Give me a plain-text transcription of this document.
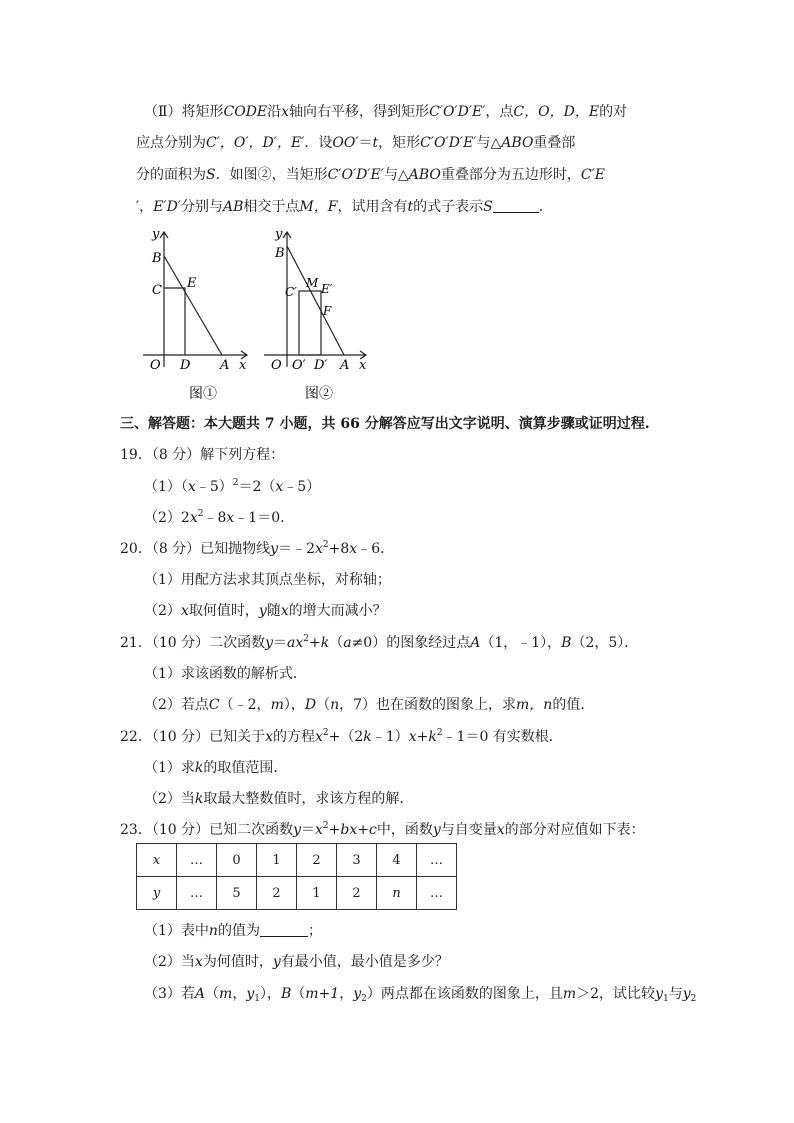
（Ⅱ）将矩形CODE沿x轴向右平移，得到矩形C′O′D′E′，点C，O，D，E的对
应点分别为C′，O′，D′，E′．设OO′＝t，矩形C′O′D′E′与△ABO重叠部
分的面积为S．如图②，当矩形C′O′D′E′与△ABO重叠部分为五边形时，C′E
′，E′D′分别与AB相交于点M，F，试用含有t的式子表示S	．
y
B
C E
O D A x
图①
y
B
C′
M E′
F
O O′ D′ A x
图②
三、解答题：本大题共 7 小题，共 66 分解答应写出文字说明、演算步骤或证明过程.
19．（8 分）解下列方程：
（1）（x﹣5）$^2$＝2（x﹣5）
$(2)2x^2﹣8x﹣1=0$.
20．（8 分）已知抛物线$y=﹣2x^2+8x﹣6$．
（1）用配方法求其顶点坐标，对称轴；
（2）x取何值时，y随x的增大而减小？
21．（10 分）二次函数$y=ax^2+k(a\ne 0)$的图象经过点A（1，﹣1），B（2，5）．
（1）求该函数的解析式．
（2）若点C（﹣2，m），D（n，7）也在函数的图象上，求m，n的值．
22．（10 分）已知关于x的方程$x^2+(2k﹣1)x+k^2﹣1=0$ 有实数根．
（1）求k的取值范围．
（2）当k取最大整数值时，求该方程的解．
23．（10 分）已知二次函数$y=x^2+bx+c$中，函数y与自变量x的部分对应值如下表：
x	…	0	1	2	3	4	…
y	…	5	2	1	2	n	…
（1）表中n的值为	；
（2）当x为何值时，y有最小值，最小值是多少？
（3）若A（m，$y_1$），B（m+1，$y_2$）两点都在该函数的图象上，且m＞2，试比较$y_1$与$y_2$
